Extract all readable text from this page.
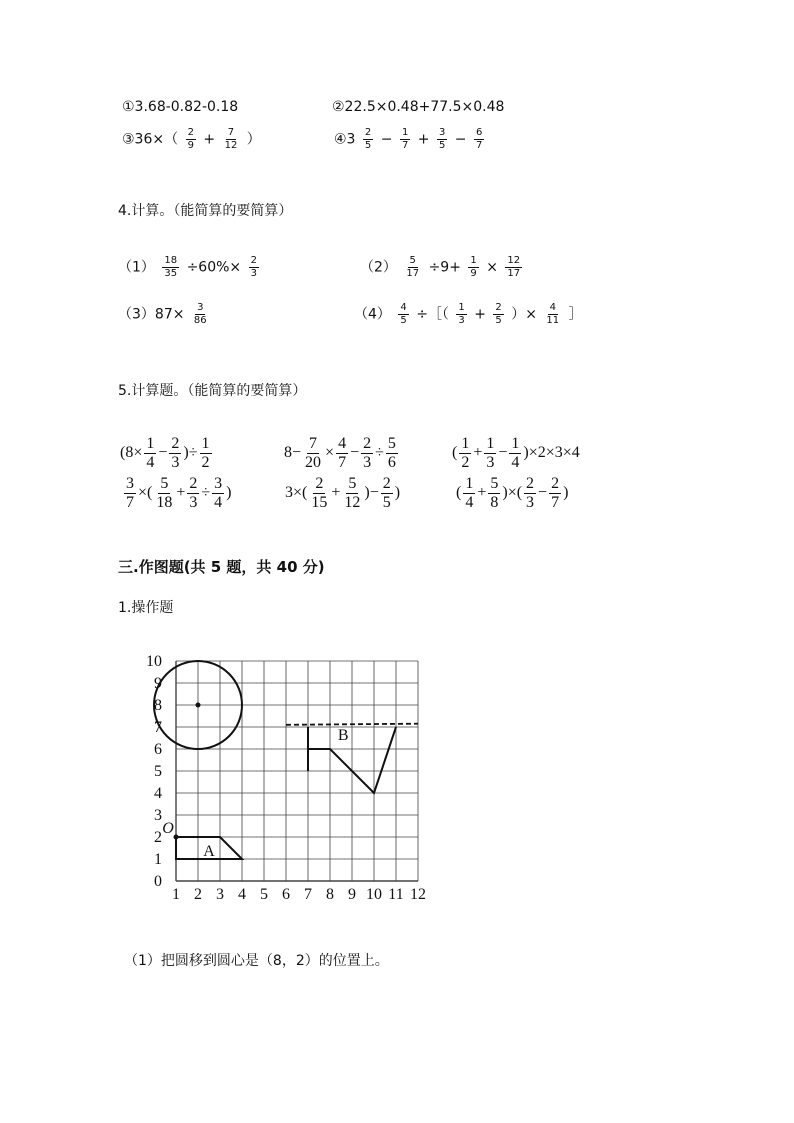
①3.68-0.82-0.18	②22.5×0.48+77.5×0.48
③36×（ $\frac{2}{9} + \frac{7}{12}$ ）	④3 $\frac{2}{5} - \frac{1}{7} + \frac{3}{5} - \frac{6}{7}$
4.计算。（能简算的要简算）
$(1) \frac{18}{35} \div 60\%\times \frac{2}{3}$	$(2) \frac{5}{17} \div 9+ \frac{1}{9} \times \frac{12}{17}$
$(3)87\times \frac{3}{86}$	$(4) \frac{4}{5}$ ÷［（ $\frac{1}{3} + \frac{2}{5}$ ）× $\frac{4}{11}$ ］
5.计算题。（能简算的要简算）
($8\times \frac{1}{4} - \frac{2}{3}$ )÷ $\frac{1}{2}$	$8- \frac{7}{20} \times \frac{4}{7} - \frac{2}{3} \div \frac{5}{6}$	( $\frac{1}{2} + \frac{1}{3} - \frac{1}{4} )\times 2\times 3\times 4$
$\frac{3}{7}$ ×( $\frac{5}{18} + \frac{2}{3} \div \frac{3}{4}$ )	$3\times( \frac{2}{15} + \frac{5}{12}$ )− $\frac{2}{5}$ )	( $\frac{1}{4} + \frac{5}{8}$ )×( $\frac{2}{3} - \frac{2}{7}$ )
三.作图题(共 5 题，共 40 分)
1.操作题
1 2 3 4 5 6 7 8 9 10 11 12
0
1
2
3
4
5
6
7
8
9
10
O
A
B
（1）把圆移到圆心是（8，2）的位置上。
